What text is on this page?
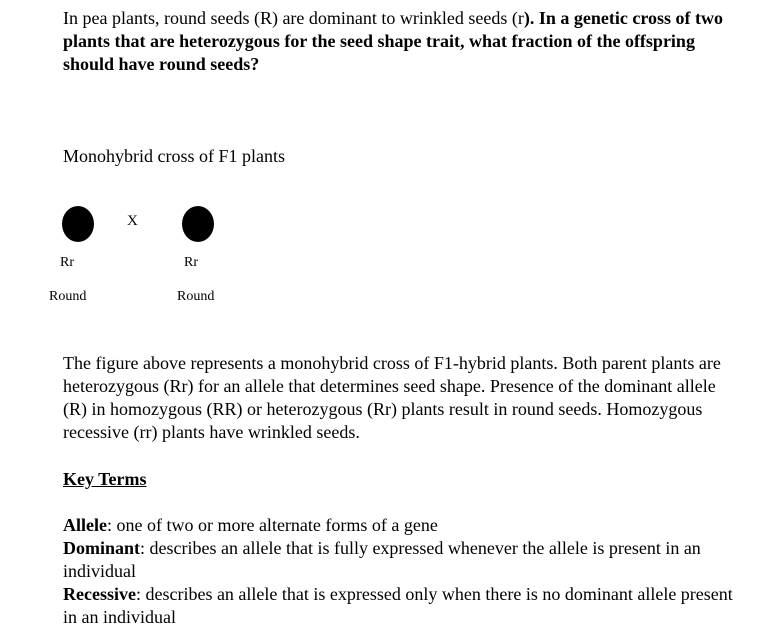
In pea plants, round seeds (R) are dominant to wrinkled seeds (r). In a genetic cross of two plants that are heterozygous for the seed shape trait, what fraction of the offspring should have round seeds?

Monohybrid cross of F1 plants

X
Rr	Rr
Round	Round

The figure above represents a monohybrid cross of F1-hybrid plants. Both parent plants are heterozygous (Rr) for an allele that determines seed shape. Presence of the dominant allele (R) in homozygous (RR) or heterozygous (Rr) plants result in round seeds. Homozygous recessive (rr) plants have wrinkled seeds.

Key Terms

Allele: one of two or more alternate forms of a gene
Dominant: describes an allele that is fully expressed whenever the allele is present in an individual
Recessive: describes an allele that is expressed only when there is no dominant allele present in an individual
